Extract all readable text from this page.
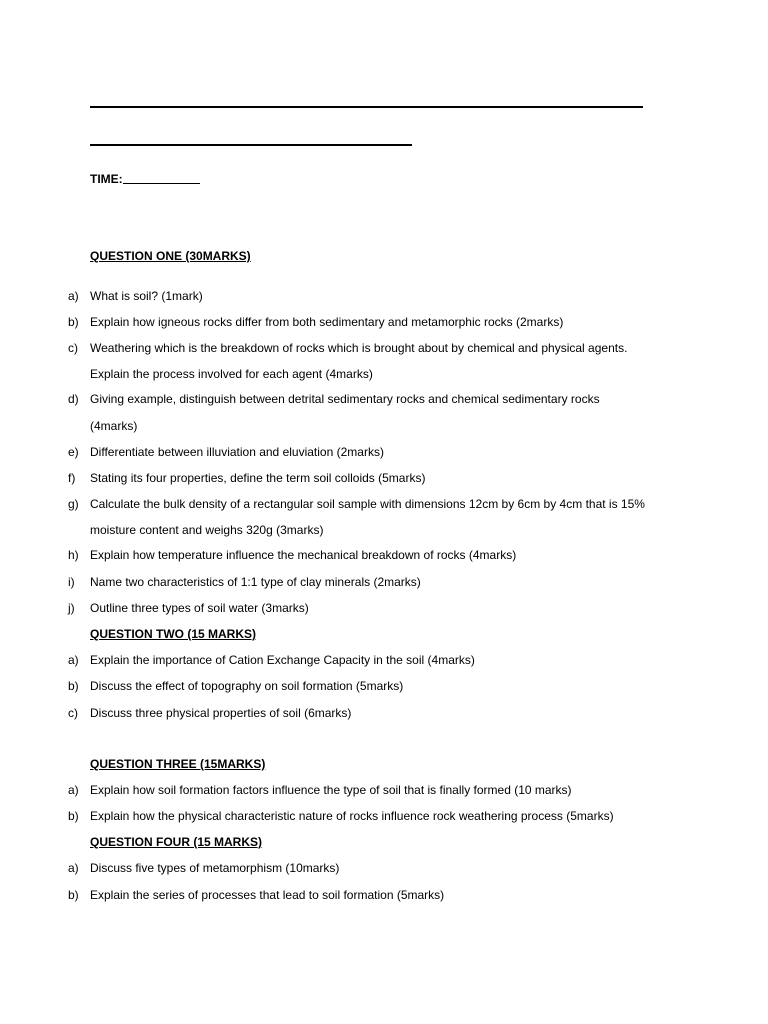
TIME:
QUESTION ONE (30MARKS)
a) What is soil? (1mark)
b) Explain how igneous rocks differ from both sedimentary and metamorphic rocks (2marks)
c) Weathering which is the breakdown of rocks which is brought about by chemical and physical agents.
Explain the process involved for each agent (4marks)
d) Giving example, distinguish between detrital sedimentary rocks and chemical sedimentary rocks
(4marks)
e) Differentiate between illuviation and eluviation (2marks)
f) Stating its four properties, define the term soil colloids (5marks)
g) Calculate the bulk density of a rectangular soil sample with dimensions 12cm by 6cm by 4cm that is 15%
moisture content and weighs 320g (3marks)
h) Explain how temperature influence the mechanical breakdown of rocks (4marks)
i) Name two characteristics of 1:1 type of clay minerals (2marks)
j) Outline three types of soil water (3marks)
QUESTION TWO (15 MARKS)
a) Explain the importance of Cation Exchange Capacity in the soil (4marks)
b) Discuss the effect of topography on soil formation (5marks)
c) Discuss three physical properties of soil (6marks)
QUESTION THREE (15MARKS)
a) Explain how soil formation factors influence the type of soil that is finally formed (10 marks)
b) Explain how the physical characteristic nature of rocks influence rock weathering process (5marks)
QUESTION FOUR (15 MARKS)
a) Discuss five types of metamorphism (10marks)
b) Explain the series of processes that lead to soil formation (5marks)
